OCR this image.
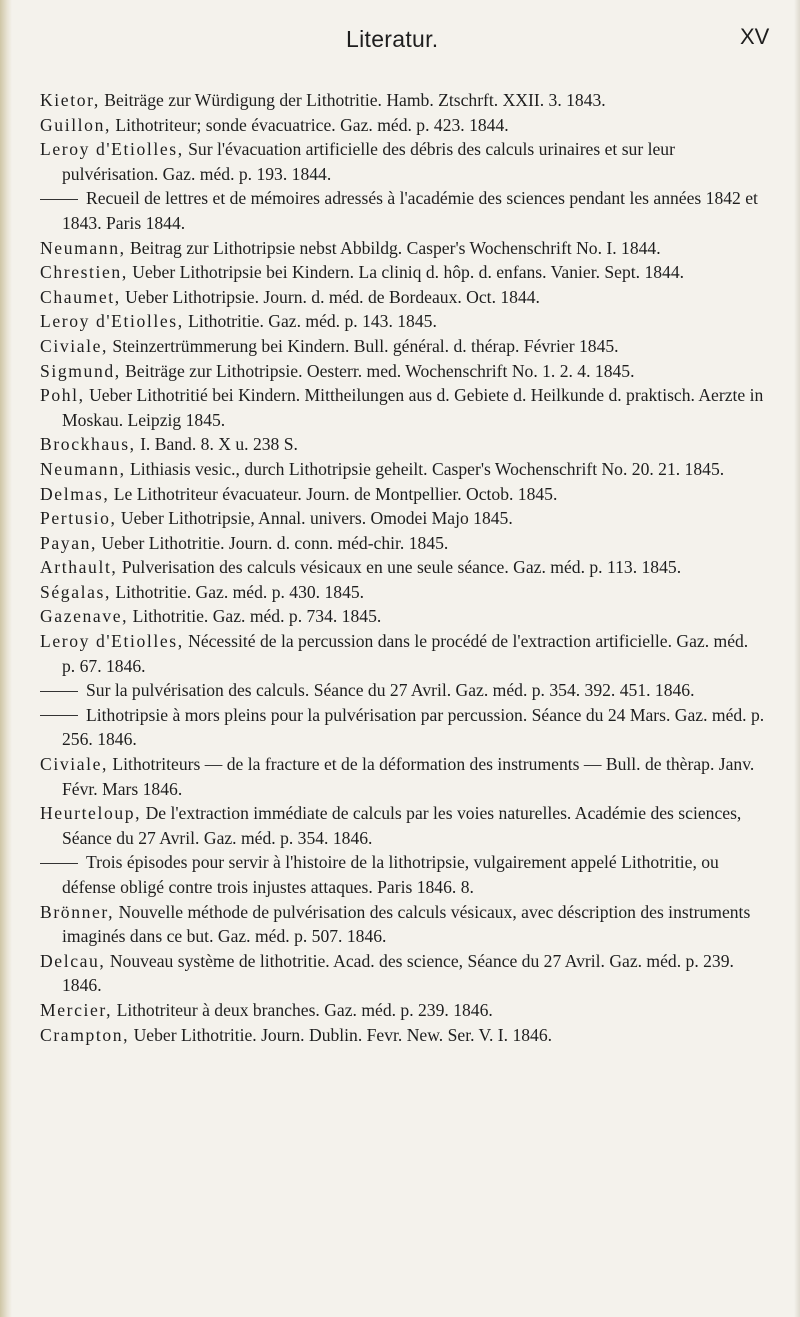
Literatur.	XV

Kietor, Beiträge zur Würdigung der Lithotritie. Hamb. Ztschrft. XXII. 3. 1843.

Guillon, Lithotriteur; sonde évacuatrice. Gaz. méd. p. 423. 1844.

Leroy d'Etiolles, Sur l'évacuation artificielle des débris des calculs urinaires et sur leur pulvérisation. Gaz. méd. p. 193. 1844.

Recueil de lettres et de mémoires adressés à l'académie des sciences pendant les années 1842 et 1843. Paris 1844.

Neumann, Beitrag zur Lithotripsie nebst Abbildg. Casper's Wochenschrift No. I. 1844.

Chrestien, Ueber Lithotripsie bei Kindern. La cliniq d. hôp. d. enfans. Vanier. Sept. 1844.

Chaumet, Ueber Lithotripsie. Journ. d. méd. de Bordeaux. Oct. 1844.

Leroy d'Etiolles, Lithotritie. Gaz. méd. p. 143. 1845.

Civiale, Steinzertrümmerung bei Kindern. Bull. général. d. thérap. Février 1845.

Sigmund, Beiträge zur Lithotripsie. Oesterr. med. Wochenschrift No. 1. 2. 4. 1845.

Pohl, Ueber Lithotritié bei Kindern. Mittheilungen aus d. Gebiete d. Heilkunde d. praktisch. Aerzte in Moskau. Leipzig 1845.

Brockhaus, I. Band. 8. X u. 238 S.

Neumann, Lithiasis vesic., durch Lithotripsie geheilt. Casper's Wochenschrift No. 20. 21. 1845.

Delmas, Le Lithotriteur évacuateur. Journ. de Montpellier. Octob. 1845.

Pertusio, Ueber Lithotripsie, Annal. univers. Omodei Majo 1845.

Payan, Ueber Lithotritie. Journ. d. conn. méd-chir. 1845.

Arthault, Pulverisation des calculs vésicaux en une seule séance. Gaz. méd. p. 113. 1845.

Ségalas, Lithotritie. Gaz. méd. p. 430. 1845.

Gazenave, Lithotritie. Gaz. méd. p. 734. 1845.

Leroy d'Etiolles, Nécessité de la percussion dans le procédé de l'extraction artificielle. Gaz. méd. p. 67. 1846.

Sur la pulvérisation des calculs. Séance du 27 Avril. Gaz. méd. p. 354. 392. 451. 1846.

Lithotripsie à mors pleins pour la pulvérisation par percussion. Séance du 24 Mars. Gaz. méd. p. 256. 1846.

Civiale, Lithotriteurs — de la fracture et de la déformation des instruments — Bull. de thèrap. Janv. Févr. Mars 1846.

Heurteloup, De l'extraction immédiate de calculs par les voies naturelles. Académie des sciences, Séance du 27 Avril. Gaz. méd. p. 354. 1846.

Trois épisodes pour servir à l'histoire de la lithotripsie, vulgairement appelé Lithotritie, ou défense obligé contre trois injustes attaques. Paris 1846. 8.

Brönner, Nouvelle méthode de pulvérisation des calculs vésicaux, avec déscription des instruments imaginés dans ce but. Gaz. méd. p. 507. 1846.

Delcau, Nouveau système de lithotritie. Acad. des science, Séance du 27 Avril. Gaz. méd. p. 239. 1846.

Mercier, Lithotriteur à deux branches. Gaz. méd. p. 239. 1846.

Crampton, Ueber Lithotritie. Journ. Dublin. Fevr. New. Ser. V. I. 1846.
